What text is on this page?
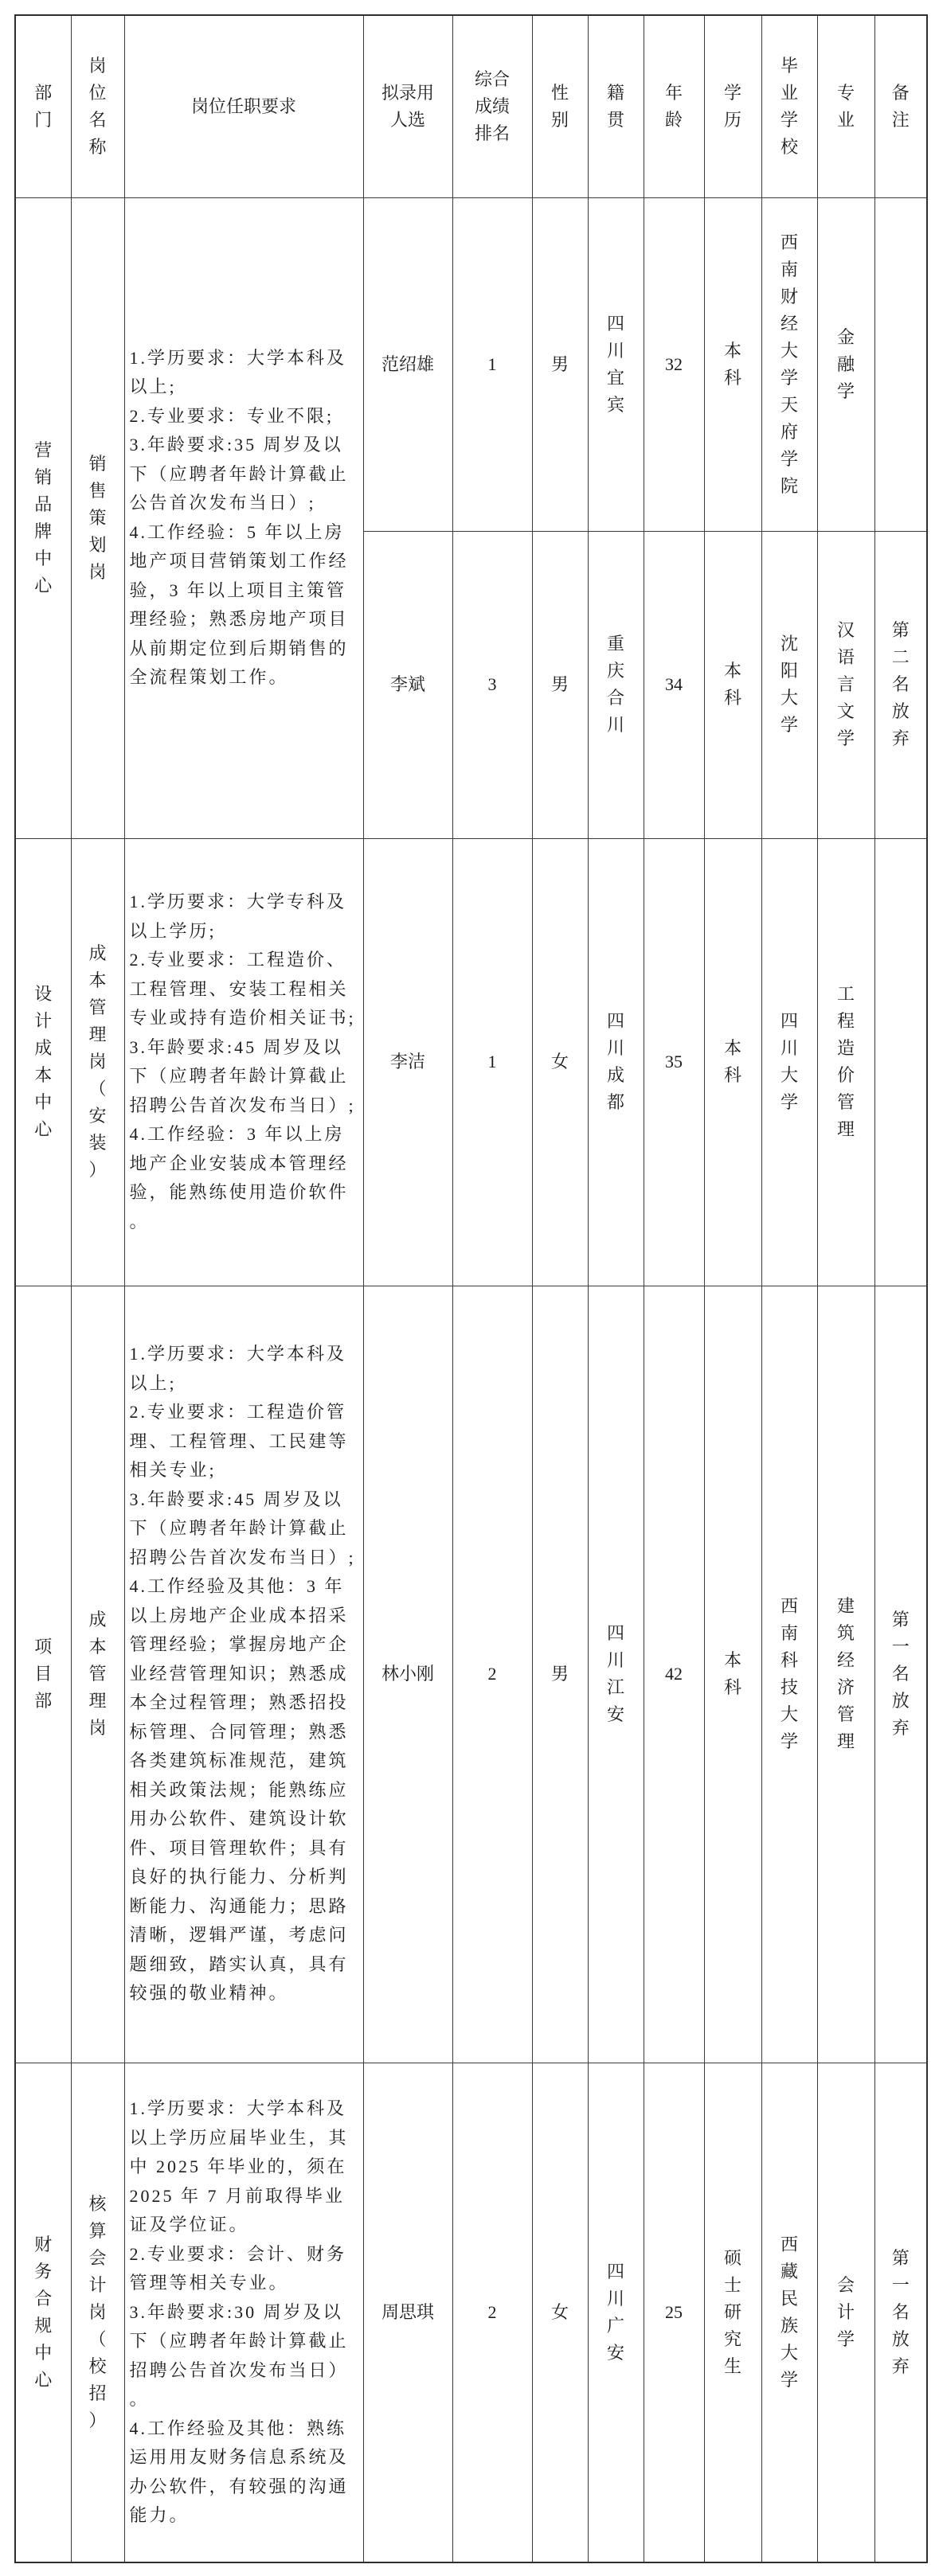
部门	岗位名称	岗位任职要求	拟录用人选	综合成绩排名	性别	籍贯	年龄	学历	毕业学校	专业	备注

营销品牌中心	销售策划岗	1.学历要求：大学本科及以上;
2.专业要求：专业不限;
3.年龄要求:35 周岁及以下（应聘者年龄计算截止公告首次发布当日）;
4.工作经验：5 年以上房地产项目营销策划工作经验，3 年以上项目主策管理经验；熟悉房地产项目从前期定位到后期销售的全流程策划工作。	范绍雄	1	男	四川宜宾	32	本科	西南财经大学天府学院	金融学	

			李斌	3	男	重庆合川	34	本科	沈阳大学	汉语言文学	第二名放弃

设计成本中心	成本管理岗（安装）	1.学历要求：大学专科及以上学历;
2.专业要求：工程造价、工程管理、安装工程相关专业或持有造价相关证书;
3.年龄要求:45 周岁及以下（应聘者年龄计算截止招聘公告首次发布当日）;
4.工作经验：3 年以上房地产企业安装成本管理经验，能熟练使用造价软件。	李洁	1	女	四川成都	35	本科	四川大学	工程造价管理	

项目部	成本管理岗	1.学历要求：大学本科及以上;
2.专业要求：工程造价管理、工程管理、工民建等相关专业;
3.年龄要求:45 周岁及以下（应聘者年龄计算截止招聘公告首次发布当日）;
4.工作经验及其他：3 年以上房地产企业成本招采管理经验；掌握房地产企业经营管理知识；熟悉成本全过程管理；熟悉招投标管理、合同管理；熟悉各类建筑标准规范，建筑相关政策法规；能熟练应用办公软件、建筑设计软件、项目管理软件；具有良好的执行能力、分析判断能力、沟通能力；思路清晰，逻辑严谨，考虑问题细致，踏实认真，具有较强的敬业精神。	林小刚	2	男	四川江安	42	本科	西南科技大学	建筑经济管理	第一名放弃

财务合规中心	核算会计岗（校招）	1.学历要求：大学本科及以上学历应届毕业生，其中 2025 年毕业的，须在 2025 年 7 月前取得毕业证及学位证。
2.专业要求：会计、财务管理等相关专业。
3.年龄要求:30 周岁及以下（应聘者年龄计算截止招聘公告首次发布当日）。
4.工作经验及其他：熟练运用用友财务信息系统及办公软件，有较强的沟通能力。	周思琪	2	女	四川广安	25	硕士研究生	西藏民族大学	会计学	第一名放弃
